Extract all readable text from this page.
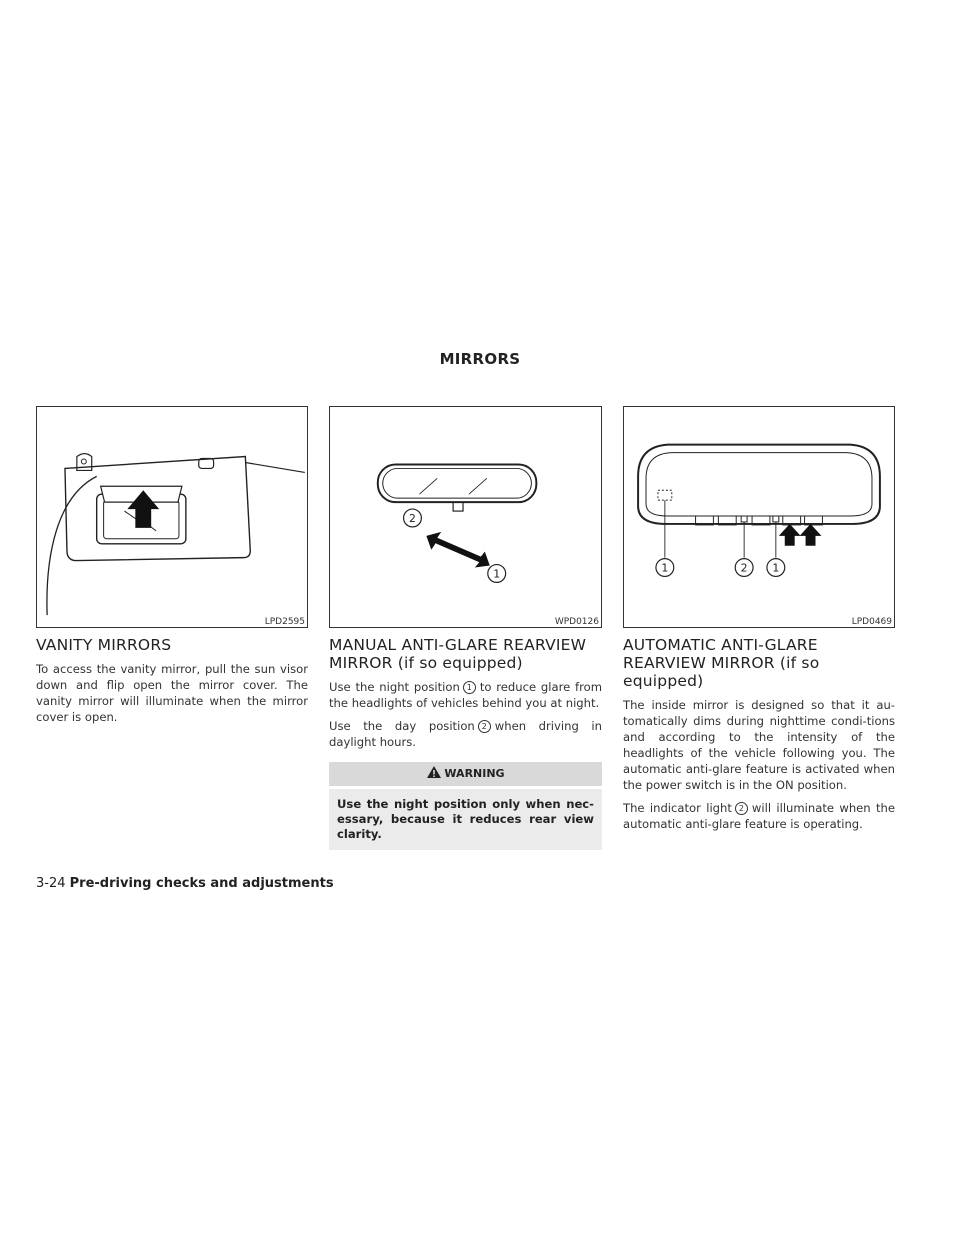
MIRRORS
LPD2595
2
1
WPD0126
1	2 1
LPD0469
VANITY MIRRORS

To access the vanity mirror, pull the sun visor down and flip open the mirror cover. The vanity mirror will illuminate when the mirror cover is open.

MANUAL ANTI-GLARE REARVIEW MIRROR (if so equipped)

Use the night position 1 to reduce glare from the headlights of vehicles behind you at night.

Use the day position 2 when driving in daylight hours.

WARNING
Use the night position only when nec-essary, because it reduces rear view clarity.
AUTOMATIC ANTI-GLARE REARVIEW MIRROR (if so equipped)

The inside mirror is designed so that it au-tomatically dims during nighttime condi-tions and according to the intensity of the headlights of the vehicle following you. The automatic anti-glare feature is activated when the power switch is in the ON position.

The indicator light 2 will illuminate when the automatic anti-glare feature is operating.

3-24 Pre-driving checks and adjustments
